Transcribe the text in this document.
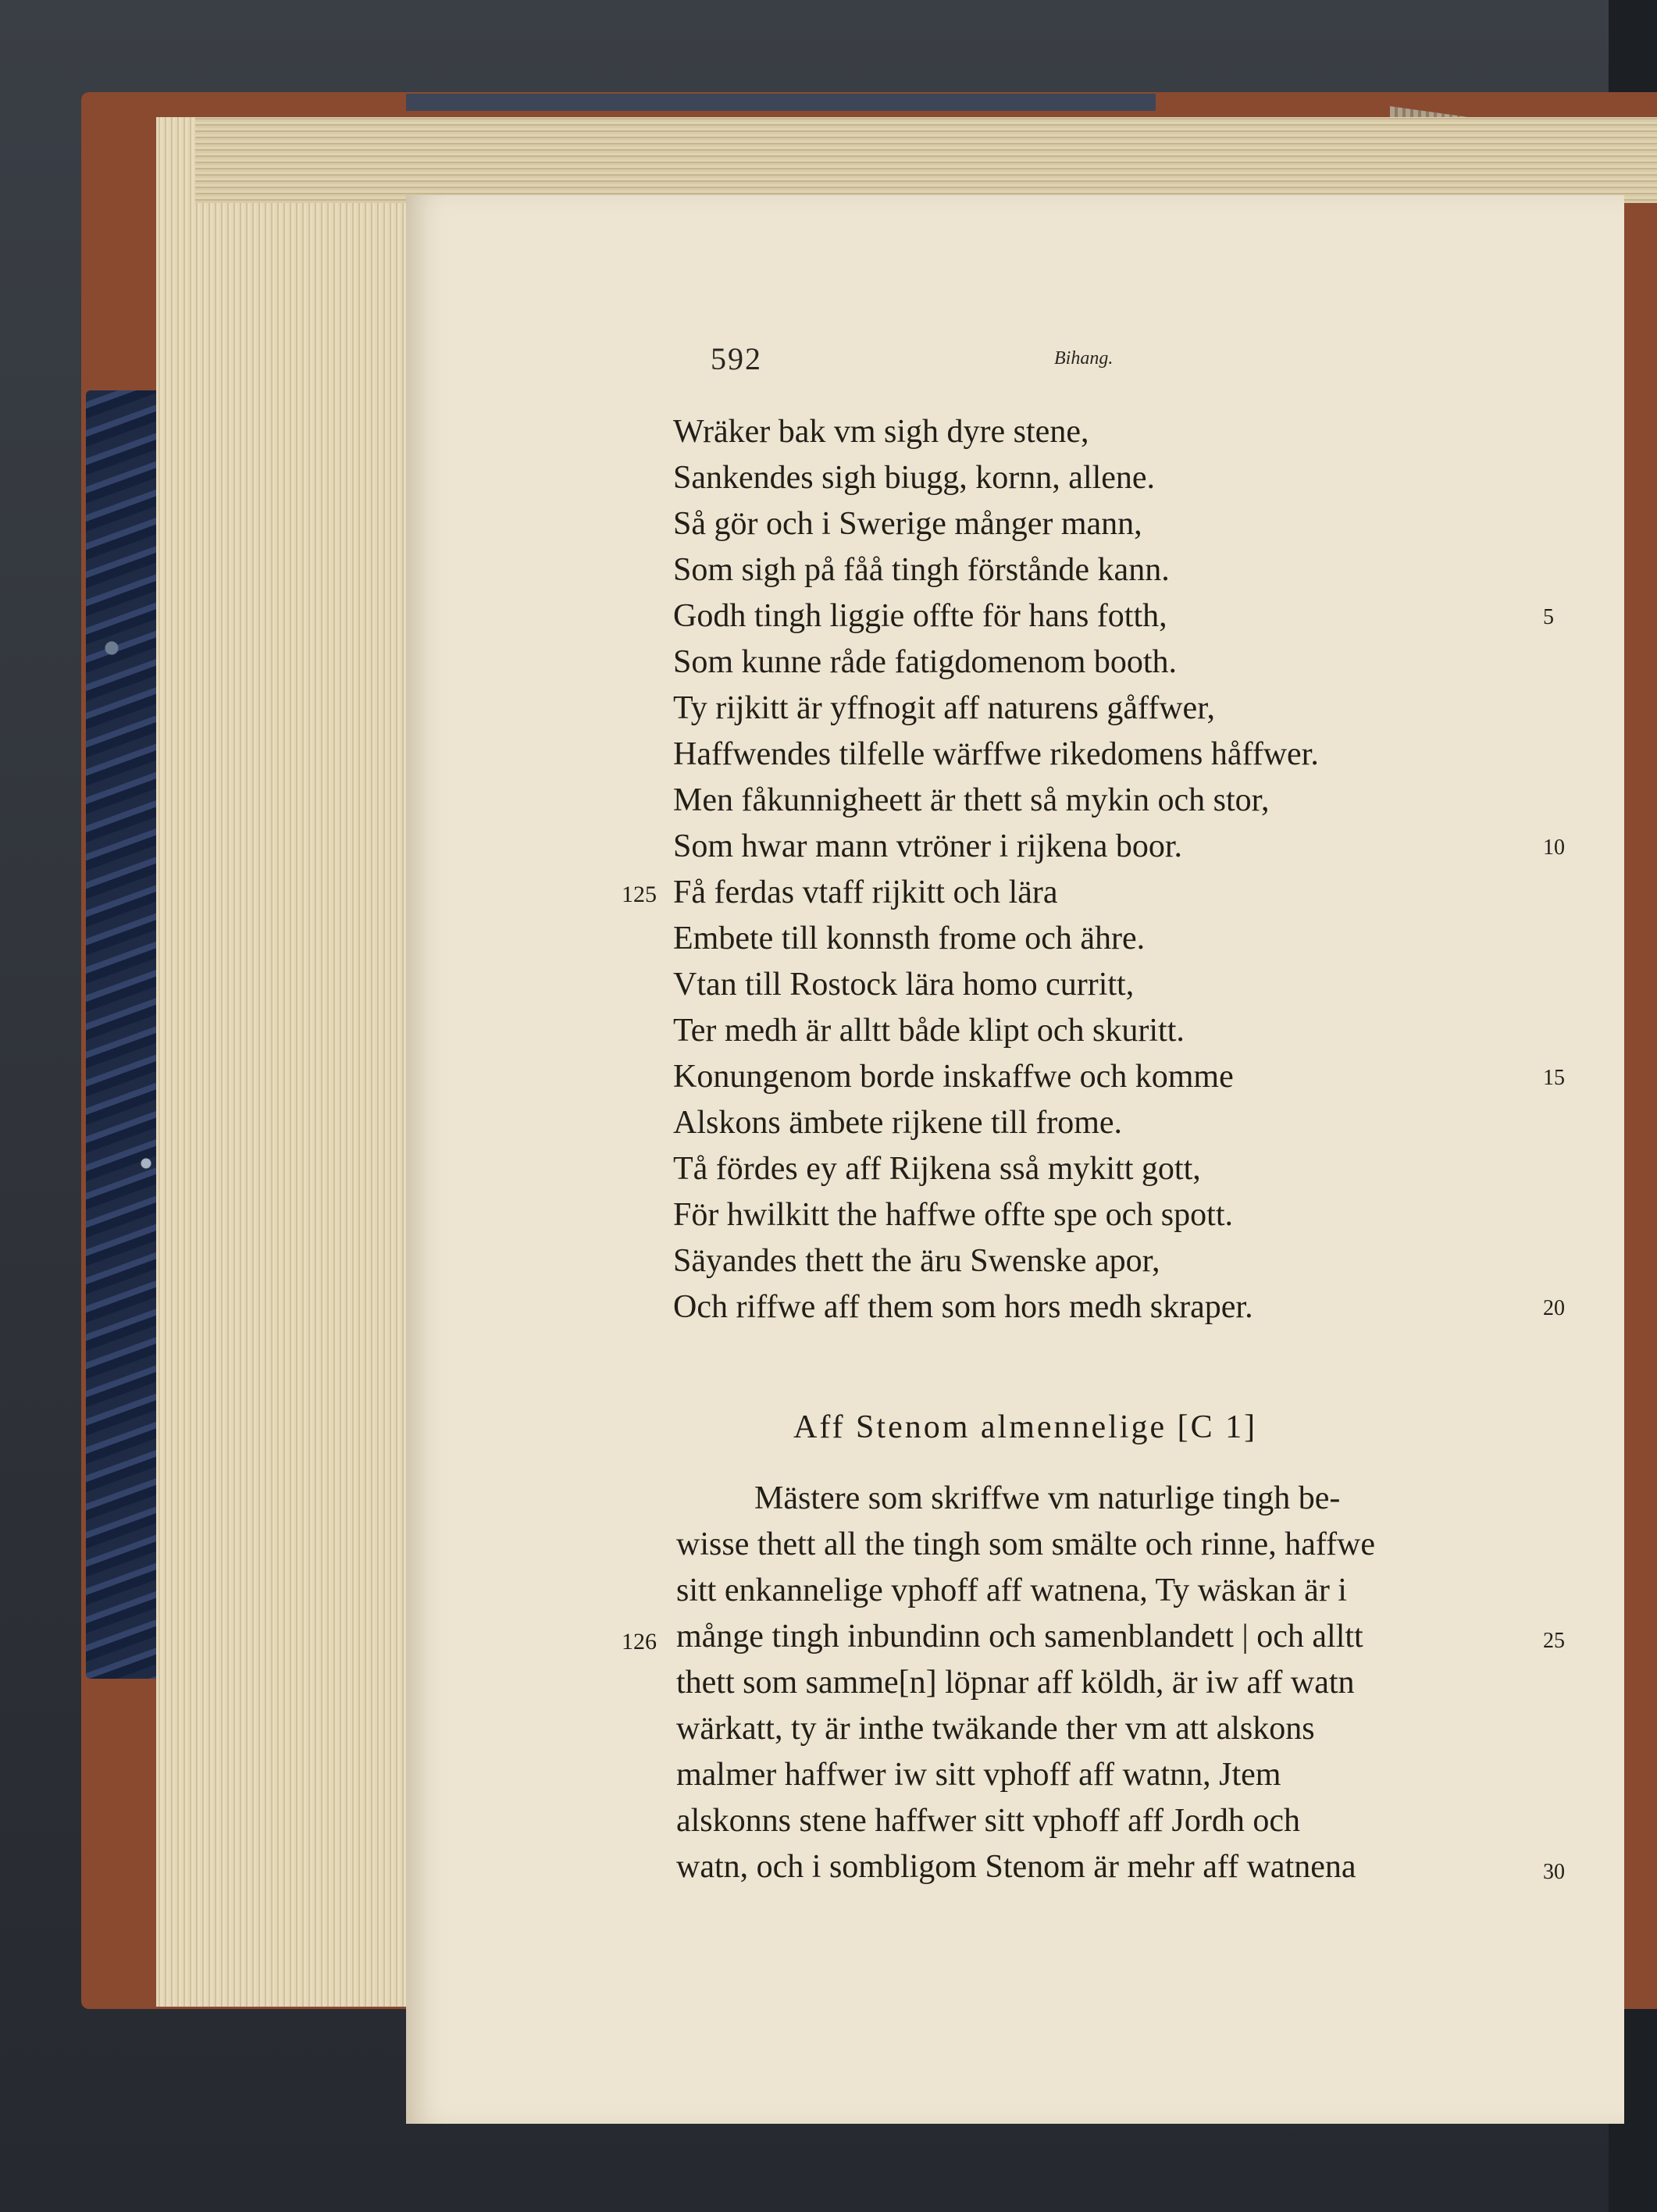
592	Bihang.
Wräker bak vm sigh dyre stene,
Sankendes sigh biugg, kornn, allene.
Så gör och i Swerige månger mann,
Som sigh på fåå tingh förstånde kann.
Godh tingh liggie offte för hans fotth,
Som kunne råde fatigdomenom booth.
Ty rijkitt är yffnogit aff naturens gåffwer,
Haffwendes tilfelle wärffwe rikedomens håffwer.
Men fåkunnigheett är thett så mykin och stor,
Som hwar mann vtröner i rijkena boor.
Få ferdas vtaff rijkitt och lära
Embete till konnsth frome och ähre.
Vtan till Rostock lära homo curritt,
Ter medh är alltt både klipt och skuritt.
Konungenom borde inskaffwe och komme
Alskons ämbete rijkene till frome.
Tå fördes ey aff Rijkena sså mykitt gott,
För hwilkitt the haffwe offte spe och spott.
Säyandes thett the äru Swenske apor,
Och riffwe aff them som hors medh skraper.
125
126
5
10
15
20
25
30
Aff Stenom almennelige [C 1]
Mästere som skriffwe vm naturlige tingh be-
wisse thett all the tingh som smälte och rinne, haffwe
sitt enkannelige vphoff aff watnena, Ty wäskan är i
månge tingh inbundinn och samenblandett | och alltt
thett som samme[n] löpnar aff köldh, är iw aff watn
wärkatt, ty är inthe twäkande ther vm att alskons
malmer haffwer iw sitt vphoff aff watnn, Jtem
alskonns stene haffwer sitt vphoff aff Jordh och
watn, och i sombligom Stenom är mehr aff watnena
